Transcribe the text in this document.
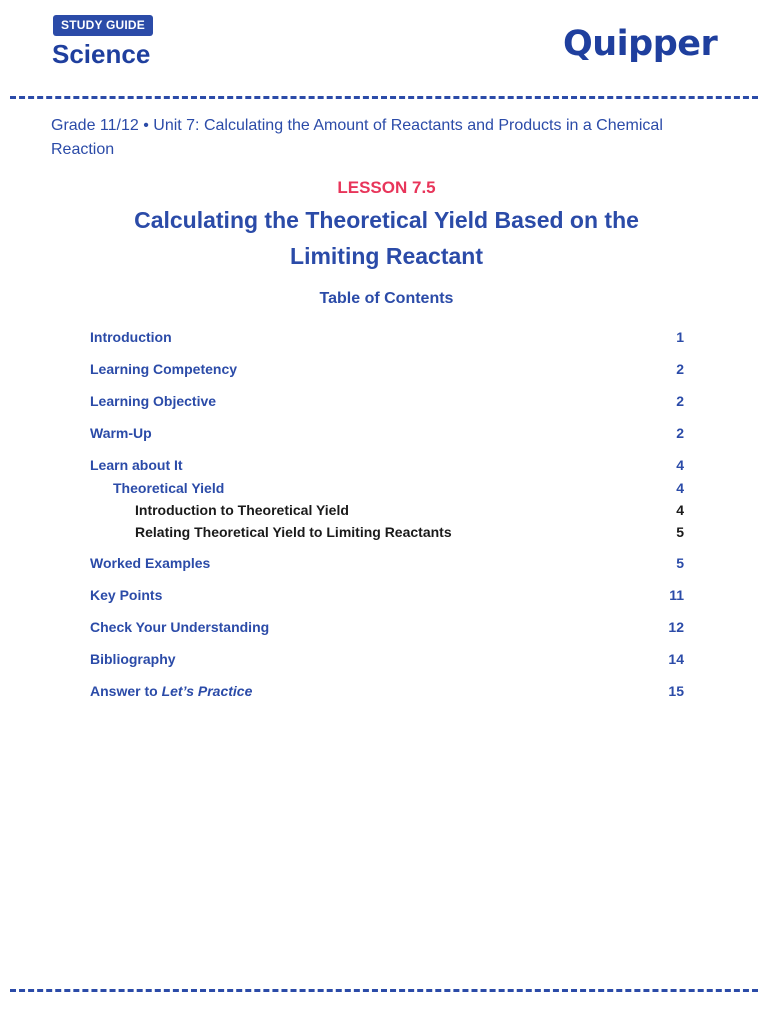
STUDY GUIDE
Science	Quipper
Grade 11/12 • Unit 7: Calculating the Amount of Reactants and Products in a Chemical Reaction
LESSON 7.5
Calculating the Theoretical Yield Based on the Limiting Reactant
Table of Contents
Introduction	1
Learning Competency	2
Learning Objective	2
Warm-Up	2
Learn about It	4
Theoretical Yield	4
Introduction to Theoretical Yield	4
Relating Theoretical Yield to Limiting Reactants	5
Worked Examples	5
Key Points	11
Check Your Understanding	12
Bibliography	14
Answer to Let’s Practice	15
